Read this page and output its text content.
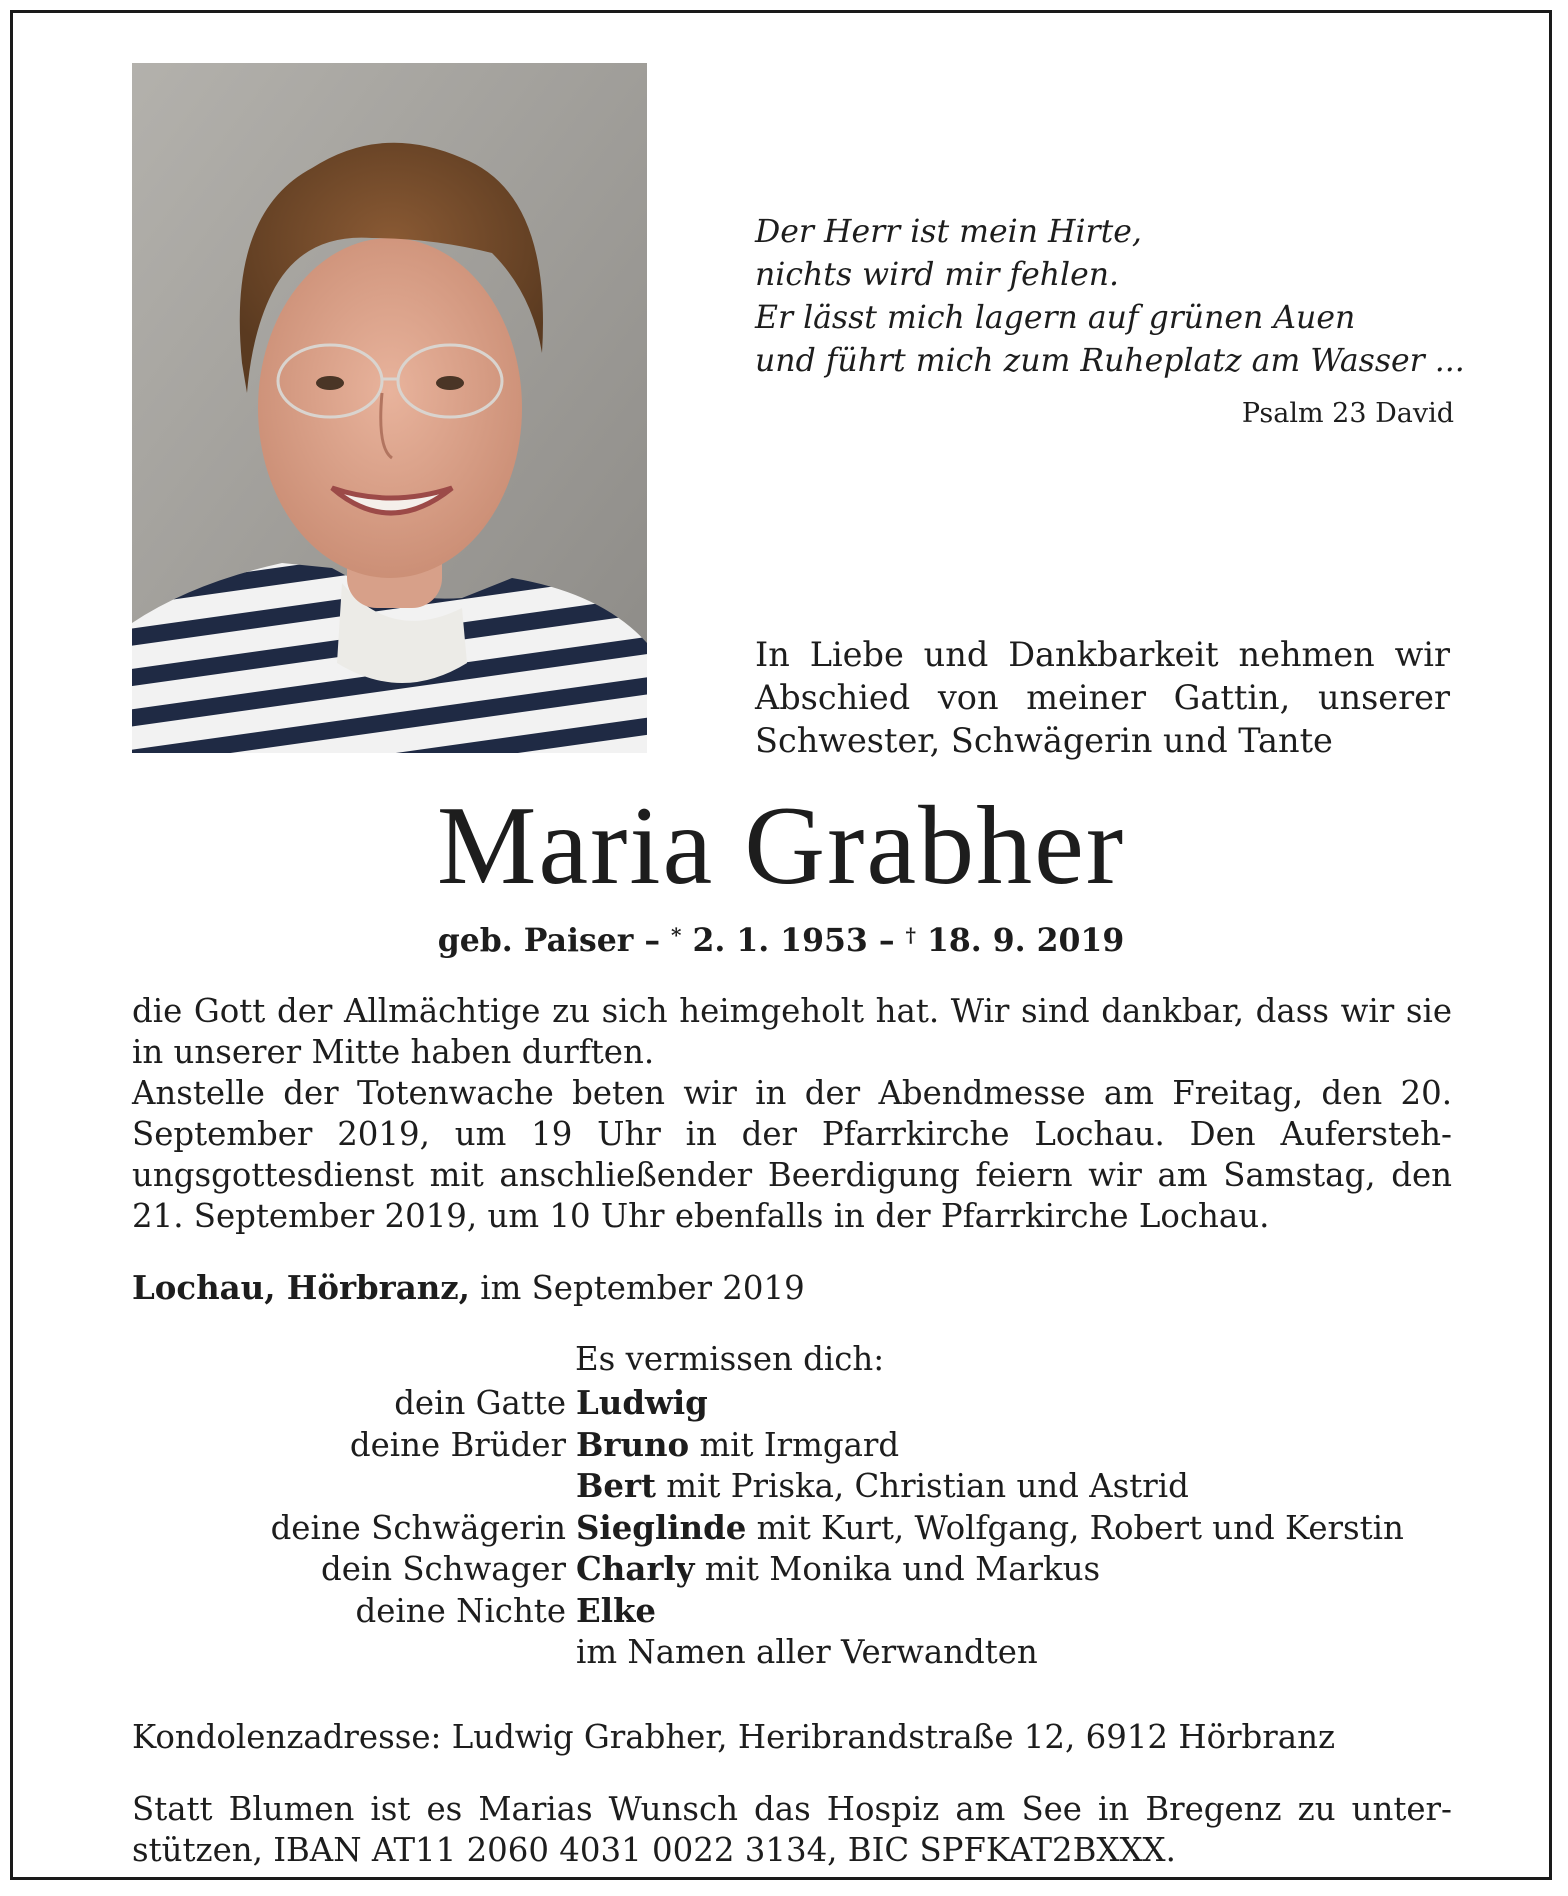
Der Herr ist mein Hirte,
nichts wird mir fehlen.
Er lässt mich lagern auf grünen Auen
und führt mich zum Ruheplatz am Wasser ...
Psalm 23 David
In Liebe und Dankbarkeit nehmen wir Abschied von meiner Gattin, unserer Schwester, Schwägerin und Tante
Maria Grabher
geb. Paiser – * 2. 1. 1953 – † 18. 9. 2019

die Gott der Allmächtige zu sich heimgeholt hat. Wir sind dankbar, dass wir sie in unserer Mitte haben durften.

Anstelle der Totenwache beten wir in der Abendmesse am Freitag, den 20. September 2019, um 19 Uhr in der Pfarrkirche Lochau. Den Auferstehungsgottesdienst mit anschließender Beerdigung feiern wir am Samstag, den 21. September 2019, um 10 Uhr ebenfalls in der Pfarrkirche Lochau.

Lochau, Hörbranz, im September 2019
Es vermissen dich:
dein Gatte Ludwig
deine Brüder Bruno mit Irmgard
Bert mit Priska, Christian und Astrid
deine Schwägerin Sieglinde mit Kurt, Wolfgang, Robert und Kerstin
dein Schwager Charly mit Monika und Markus
deine Nichte Elke
im Namen aller Verwandten
Kondolenzadresse: Ludwig Grabher, Heribrandstraße 12, 6912 Hörbranz
Statt Blumen ist es Marias Wunsch das Hospiz am See in Bregenz zu unterstützen, IBAN AT11 2060 4031 0022 3134, BIC SPFKAT2BXXX.
